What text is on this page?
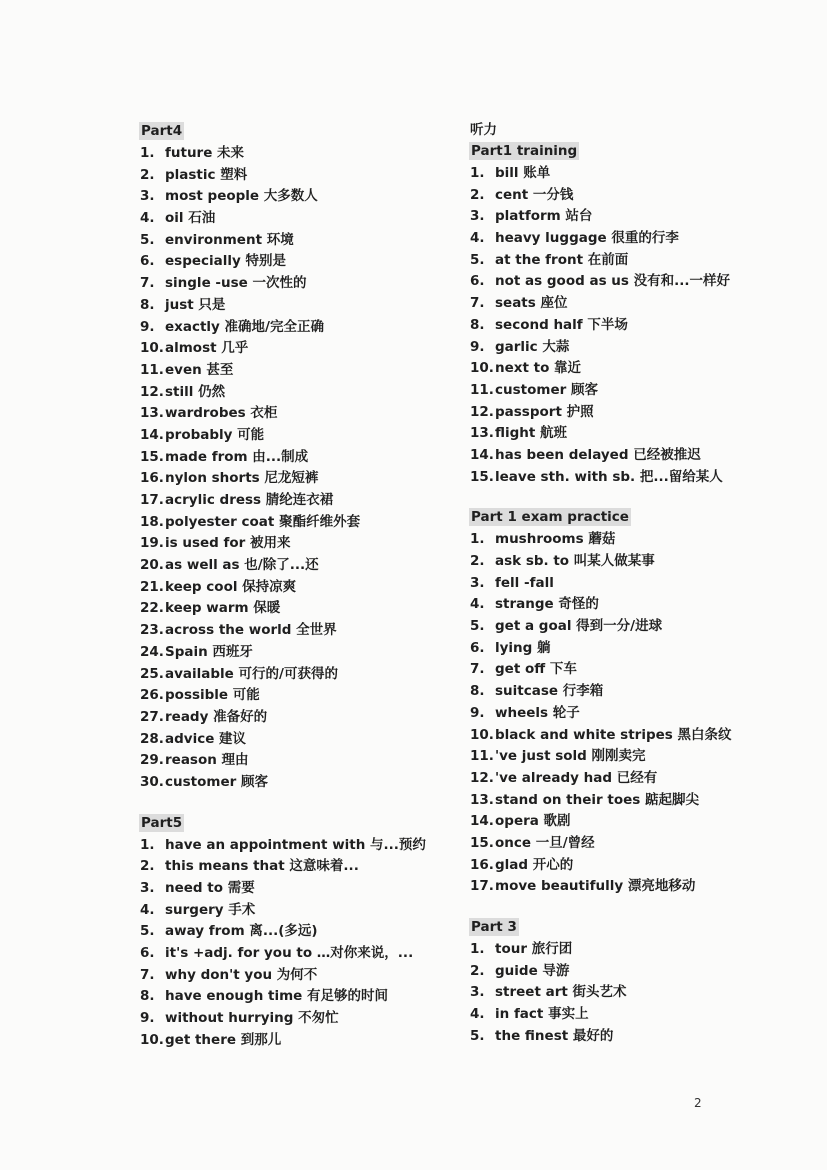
Part4
1. future 未来
2. plastic 塑料
3. most people 大多数人
4. oil 石油
5. environment 环境
6. especially 特别是
7. single -use 一次性的
8. just 只是
9. exactly 准确地/完全正确
10.almost 几乎
11.even 甚至
12.still 仍然
13.wardrobes 衣柜
14.probably 可能
15.made from 由...制成
16.nylon shorts 尼龙短裤
17.acrylic dress 腈纶连衣裙
18.polyester coat 聚酯纤维外套
19.is used for 被用来
20.as well as 也/除了...还
21.keep cool 保持凉爽
22.keep warm 保暖
23.across the world 全世界
24.Spain 西班牙
25.available 可行的/可获得的
26.possible 可能
27.ready 准备好的
28.advice 建议
29.reason 理由
30.customer 顾客
Part5
1. have an appointment with 与...预约
2. this means that 这意味着...
3. need to 需要
4. surgery 手术
5. away from 离...(多远)
6. it's +adj. for you to …对你来说，...
7. why don't you 为何不
8. have enough time 有足够的时间
9. without hurrying 不匆忙
10.get there 到那儿
听力
Part1 training
1. bill 账单
2. cent 一分钱
3. platform 站台
4. heavy luggage 很重的行李
5. at the front 在前面
6. not as good as us 没有和...一样好
7. seats 座位
8. second half 下半场
9. garlic 大蒜
10.next to 靠近
11.customer 顾客
12.passport 护照
13.flight 航班
14.has been delayed 已经被推迟
15.leave sth. with sb. 把...留给某人
Part 1 exam practice
1. mushrooms 蘑菇
2. ask sb. to 叫某人做某事
3. fell -fall
4. strange 奇怪的
5. get a goal 得到一分/进球
6. lying 躺
7. get off 下车
8. suitcase 行李箱
9. wheels 轮子
10.black and white stripes 黑白条纹
11.'ve just sold 刚刚卖完
12.'ve already had 已经有
13.stand on their toes 踮起脚尖
14.opera 歌剧
15.once 一旦/曾经
16.glad 开心的
17.move beautifully 漂亮地移动
Part 3
1. tour 旅行团
2. guide 导游
3. street art 街头艺术
4. in fact 事实上
5. the finest 最好的
2
